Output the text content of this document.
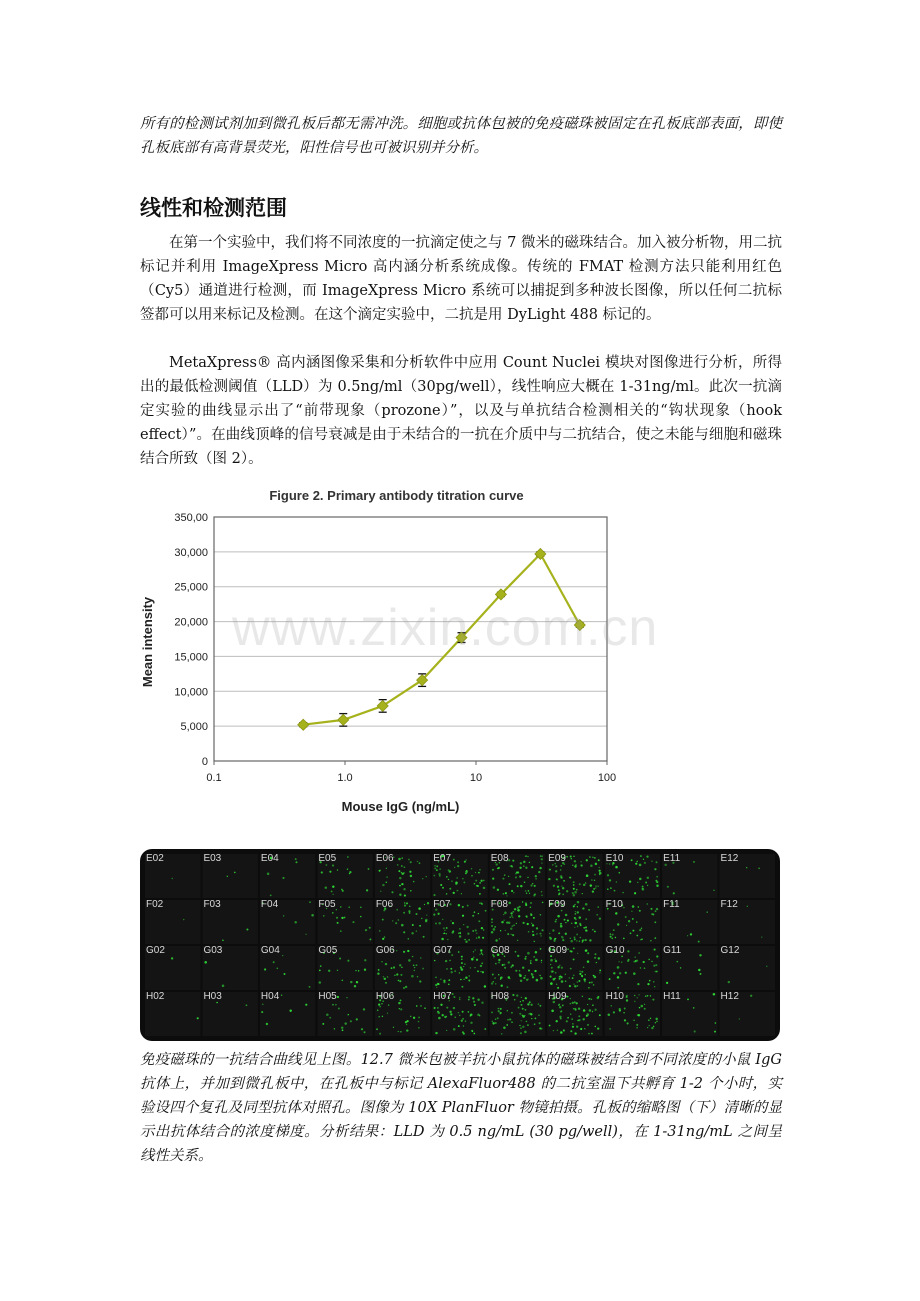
所有的检测试剂加到微孔板后都无需冲洗。细胞或抗体包被的免疫磁珠被固定在孔板底部表面，即使孔板底部有高背景荧光，阳性信号也可被识别并分析。

线性和检测范围

在第一个实验中，我们将不同浓度的一抗滴定使之与 7 微米的磁珠结合。加入被分析物，用二抗标记并利用 ImageXpress Micro 高内涵分析系统成像。传统的 FMAT 检测方法只能利用红色（Cy5）通道进行检测，而 ImageXpress Micro 系统可以捕捉到多种波长图像，所以任何二抗标签都可以用来标记及检测。在这个滴定实验中，二抗是用 DyLight 488 标记的。

MetaXpress® 高内涵图像采集和分析软件中应用 Count Nuclei 模块对图像进行分析，所得出的最低检测阈值（LLD）为 0.5ng/ml（30pg/well），线性响应大概在 1-31ng/ml。此次一抗滴定实验的曲线显示出了“前带现象（prozone）”，以及与单抗结合检测相关的“钩状现象（hook effect）”。在曲线顶峰的信号衰减是由于未结合的一抗在介质中与二抗结合，使之未能与细胞和磁珠结合所致（图 2）。

Figure 2. Primary antibody titration curve
0
5,000
10,000
15,000
20,000
25,000
30,000
350,00
0.1	1.0	10	100
Mouse IgG (ng/mL)
Mean intensity www.zixin.com.cn
E02	E03	E04	E05	E06	E07	E08	E09	E10	E11	E12
F02	F03	F04	F05	F06	F07	F08	F09	F10	F11	F12
G02	G03	G04	G05	G06	G07	G08	G09	G10	G11	G12
H02	H03	H04	H05	H06	H07	H08	H09	H10	H11	H12

免疫磁珠的一抗结合曲线见上图。12.7 微米包被羊抗小鼠抗体的磁珠被结合到不同浓度的小鼠 IgG 抗体上，并加到微孔板中，在孔板中与标记 AlexaFluor488 的二抗室温下共孵育 1-2 个小时，实验设四个复孔及同型抗体对照孔。图像为 10X PlanFluor 物镜拍摄。孔板的缩略图（下）清晰的显示出抗体结合的浓度梯度。分析结果：LLD 为 0.5 ng/mL (30 pg/well)，在 1-31ng/mL 之间呈线性关系。
